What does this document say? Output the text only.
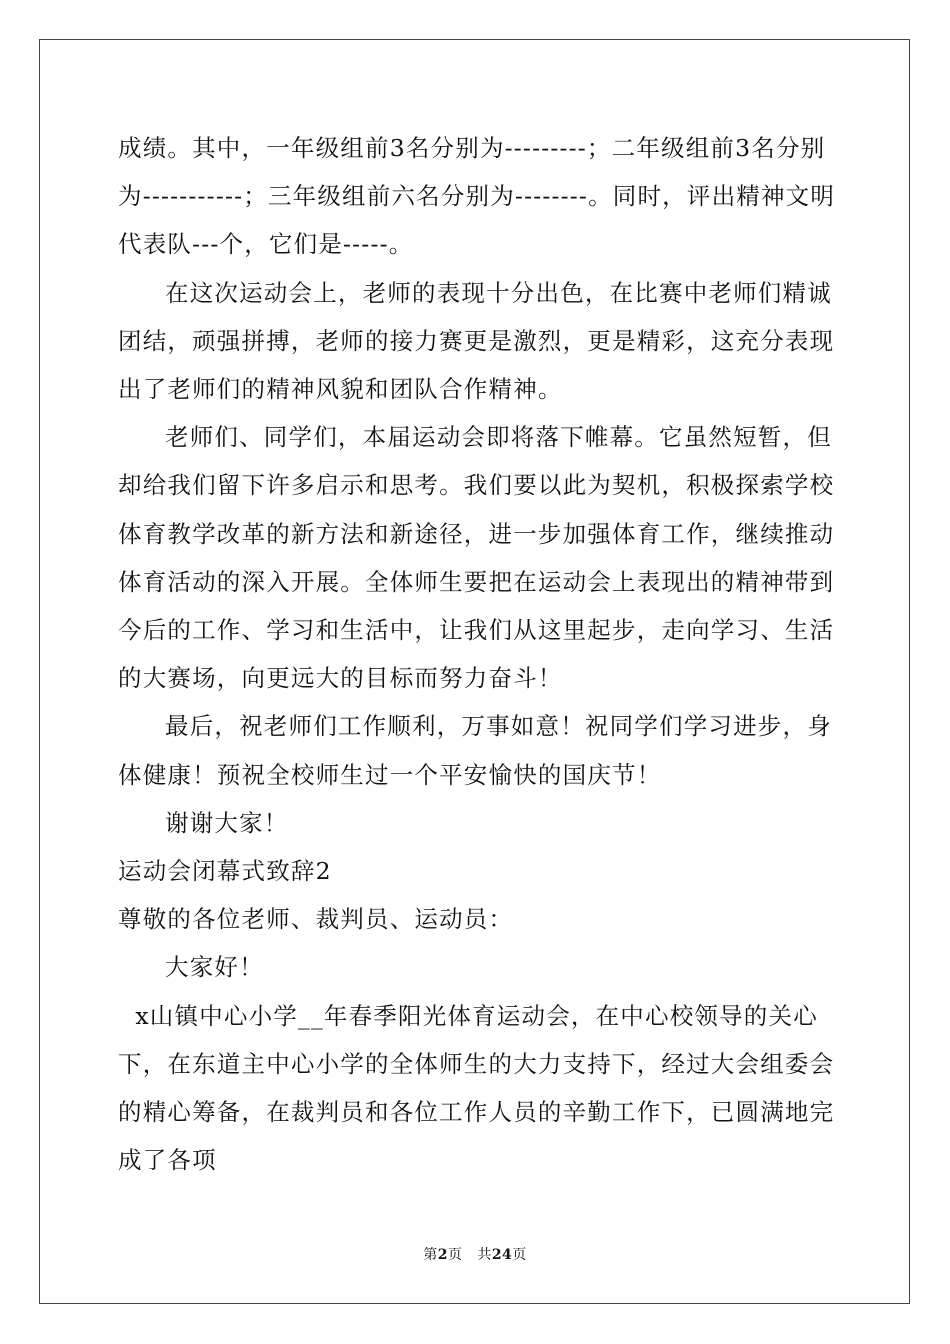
成绩。其中，一年级组前3名分别为---------；二年级组前3名分别为-----------；三年级组前六名分别为--------。同时，评出精神文明代表队---个，它们是-----。

在这次运动会上，老师的表现十分出色，在比赛中老师们精诚团结，顽强拼搏，老师的接力赛更是激烈，更是精彩，这充分表现出了老师们的精神风貌和团队合作精神。

老师们、同学们，本届运动会即将落下帷幕。它虽然短暂，但却给我们留下许多启示和思考。我们要以此为契机，积极探索学校体育教学改革的新方法和新途径，进一步加强体育工作，继续推动体育活动的深入开展。全体师生要把在运动会上表现出的精神带到今后的工作、学习和生活中，让我们从这里起步，走向学习、生活的大赛场，向更远大的目标而努力奋斗！

最后，祝老师们工作顺利，万事如意！祝同学们学习进步，身体健康！预祝全校师生过一个平安愉快的国庆节！

谢谢大家！

运动会闭幕式致辞2

尊敬的各位老师、裁判员、运动员：

大家好！

x山镇中心小学__年春季阳光体育运动会，在中心校领导的关心下，在东道主中心小学的全体师生的大力支持下，经过大会组委会的精心筹备，在裁判员和各位工作人员的辛勤工作下，已圆满地完成了各项

第2页 共24页
